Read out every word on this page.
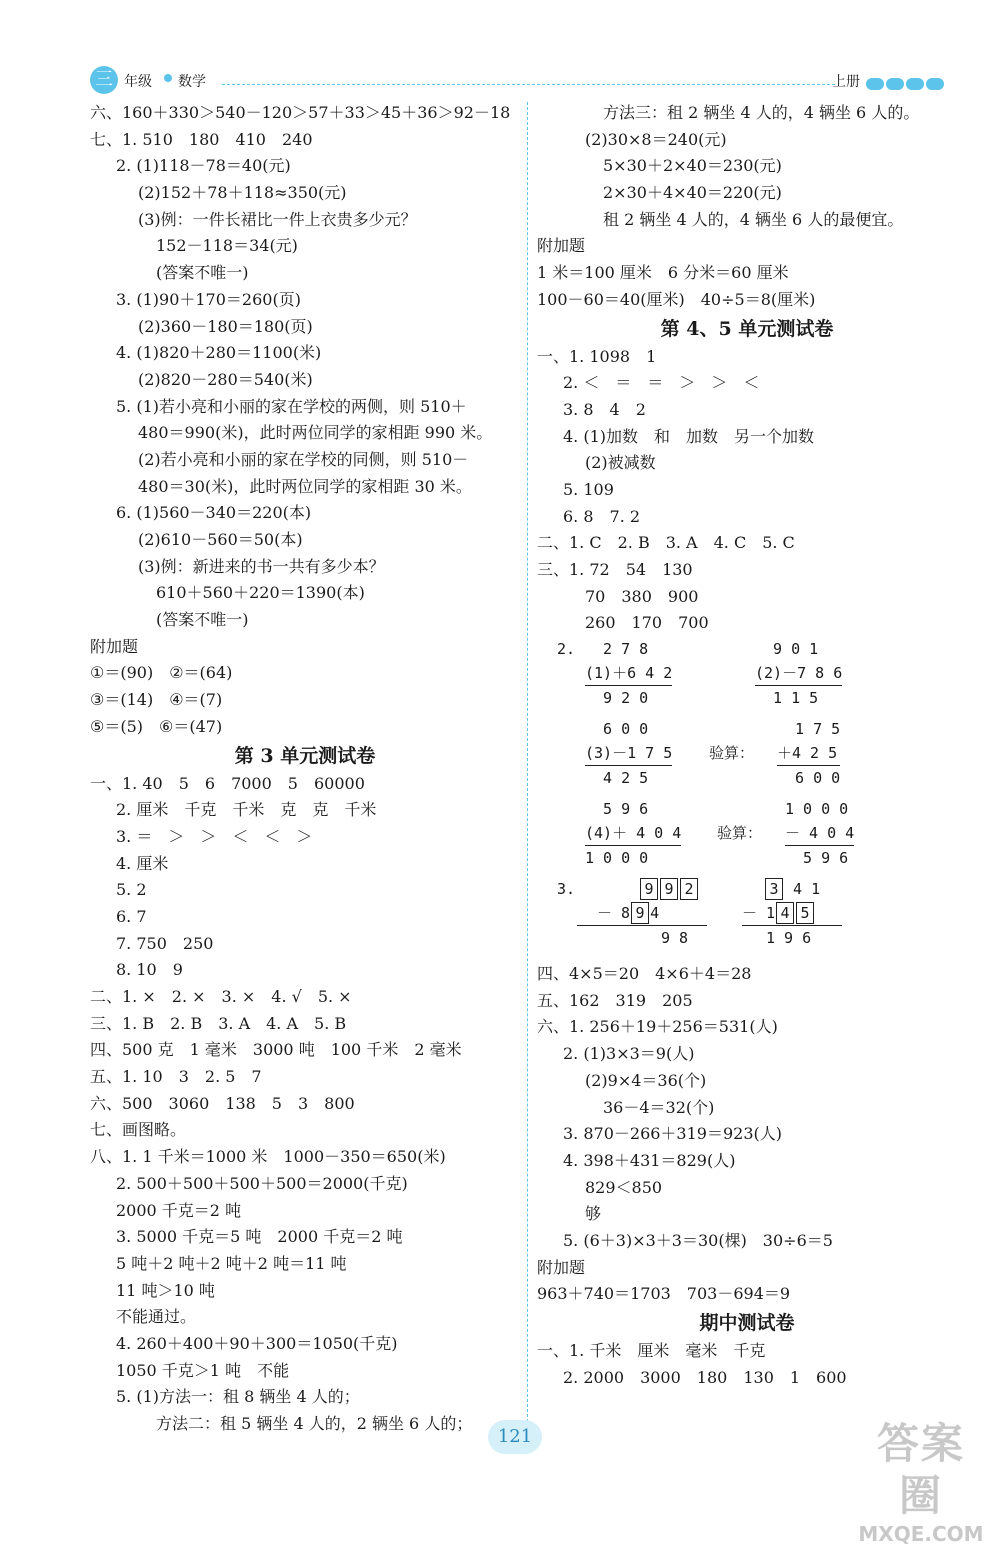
三 年级 数学	上册
六、160＋330＞540－120＞57＋33＞45＋36＞92－18
七、1. 510　180　410　240
2. (1)118－78＝40(元)
(2)152＋78＋118≈350(元)
(3)例：一件长裙比一件上衣贵多少元？
152－118＝34(元)
(答案不唯一)
3. (1)90＋170＝260(页)
(2)360－180＝180(页)
4. (1)820＋280＝1100(米)
(2)820－280＝540(米)
5. (1)若小亮和小丽的家在学校的两侧，则 510＋
480＝990(米)，此时两位同学的家相距 990 米。
(2)若小亮和小丽的家在学校的同侧，则 510－
480＝30(米)，此时两位同学的家相距 30 米。
6. (1)560－340＝220(本)
(2)610－560＝50(本)
(3)例：新进来的书一共有多少本？
610＋560＋220＝1390(本)
(答案不唯一)
附加题
①＝(90)　②＝(64)
③＝(14)　④＝(7)
⑤＝(5)　⑥＝(47)
第 3 单元测试卷
一、1. 40　5　6　7000　5　60000
2. 厘米　千克　千米　克　克　千米
3. ＝　＞　＞　＜　＜　＞
4. 厘米
5. 2
6. 7
7. 750　250
8. 10　9
二、1. ×　2. ×　3. ×　4. √　5. ×
三、1. B　2. B　3. A　4. A　5. B
四、500 克　1 毫米　3000 吨　100 千米　2 毫米
五、1. 10　3　2. 5　7
六、500　3060　138　5　3　800
七、画图略。
八、1. 1 千米＝1000 米　1000－350＝650(米)
2. 500＋500＋500＋500＝2000(千克)
2000 千克＝2 吨
3. 5000 千克＝5 吨　2000 千克＝2 吨
5 吨＋2 吨＋2 吨＋2 吨＝11 吨
11 吨＞10 吨
不能通过。
4. 260＋400＋90＋300＝1050(千克)
1050 千克＞1 吨　不能
5. (1)方法一：租 8 辆坐 4 人的；
方法二：租 5 辆坐 4 人的，2 辆坐 6 人的；
方法三：租 2 辆坐 4 人的，4 辆坐 6 人的。
(2)30×8＝240(元)
5×30＋2×40＝230(元)
2×30＋4×40＝220(元)
租 2 辆坐 4 人的，4 辆坐 6 人的最便宜。
附加题
1 米＝100 厘米　6 分米＝60 厘米
100－60＝40(厘米)　40÷5＝8(厘米)
第 4、5 单元测试卷
一、1. 1098　1
2. ＜　＝　＝　＞　＞　＜
3. 8　4　2
4. (1)加数　和　加数　另一个加数
(2)被减数
5. 109
6. 8　7. 2
二、1. C　2. B　3. A　4. C　5. C
三、1. 72　54　130
70　380　900
260　170　700
2. 2 7 8
(1)＋6 4 2
9 2 0
9 0 1
(2)－7 8 6
1 1 5
6 0 0
(3)－1 7 5
4 2 5
验算：
1 7 5
＋4 2 5
6 0 0
5 9 6
(4)＋ 4 0 4
1 0 0 0
验算：
1 0 0 0
－ 4 0 4
5 9 6
3.	9 9 2
－ 8 9 4
9 8
3 4 1
－ 1 4 5
1 9 6
四、4×5＝20　4×6＋4＝28
五、162　319　205
六、1. 256＋19＋256＝531(人)
2. (1)3×3＝9(人)
(2)9×4＝36(个)
36－4＝32(个)
3. 870－266＋319＝923(人)
4. 398＋431＝829(人)
829＜850
够
5. (6＋3)×3＋3＝30(棵)　30÷6＝5
附加题
963＋740＝1703　703－694＝9
期中测试卷
一、1. 千米　厘米　毫米　千克
2. 2000　3000　180　130　1　600
121	答案圈
MXQE.COM
